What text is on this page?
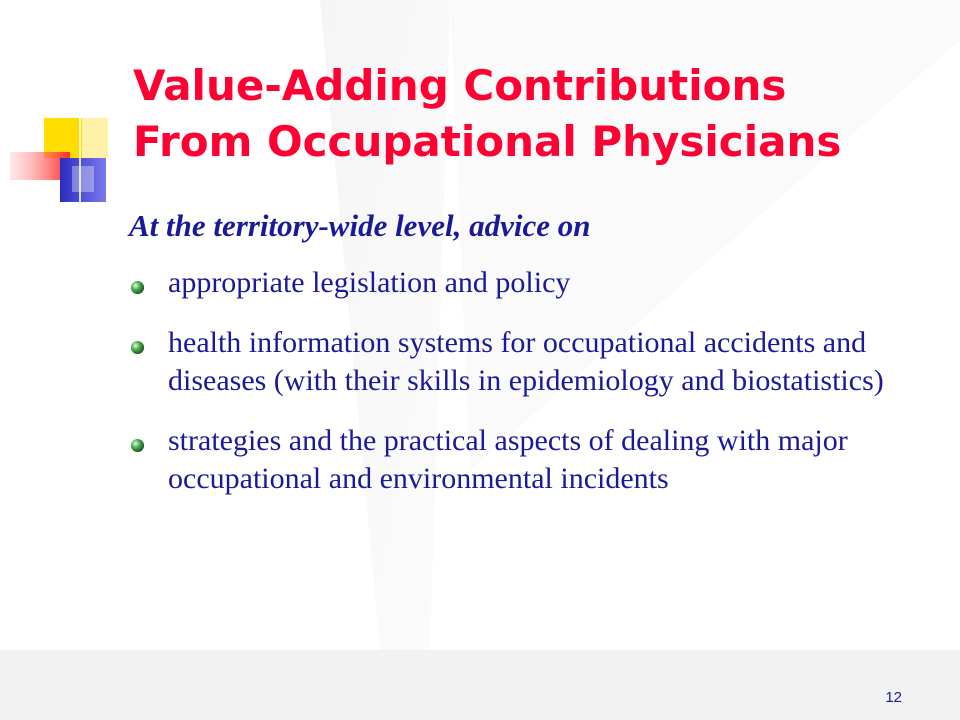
Value-Adding Contributions
From Occupational Physicians

At the territory-wide level, advice on

appropriate legislation and policy
health information systems for occupational accidents and diseases (with their skills in epidemiology and biostatistics)
strategies and the practical aspects of dealing with major occupational and environmental incidents
12
